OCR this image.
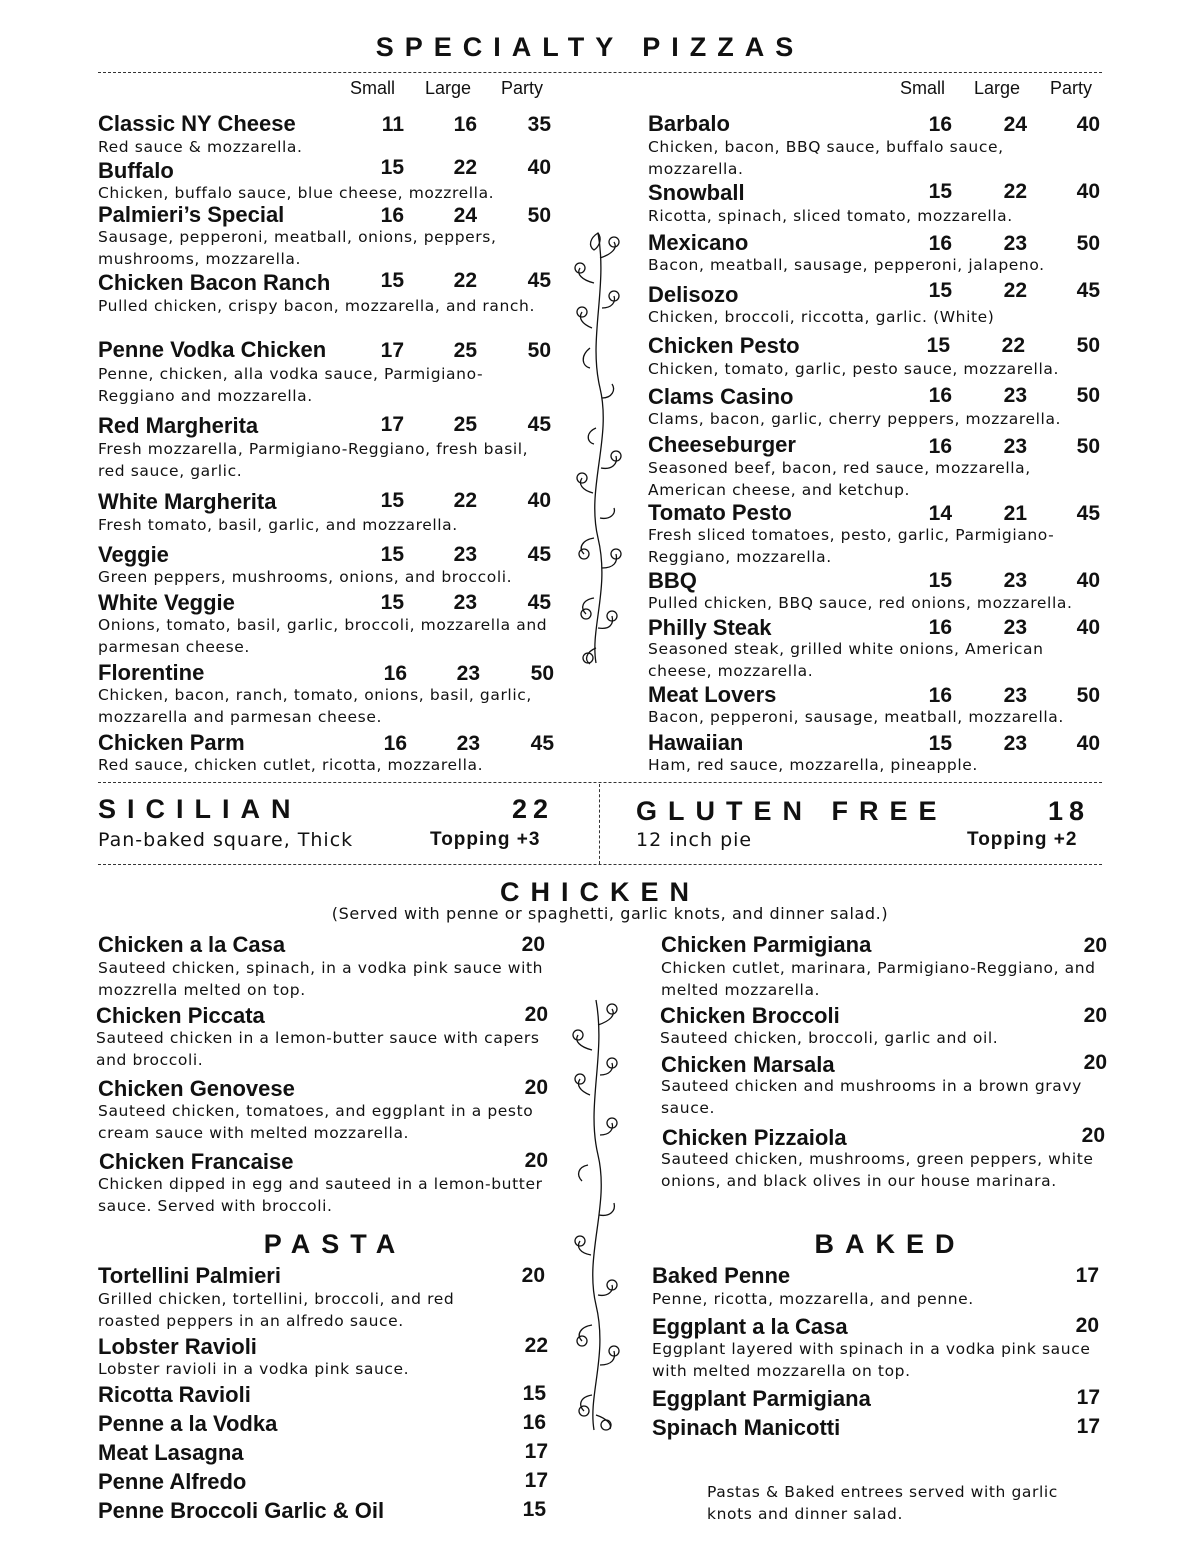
SPECIALTY PIZZAS
Small Large Party	Small Large Party
Classic NY Cheese	11	16	35
Red sauce & mozzarella.
Buffalo	15	22	40
Chicken, buffalo sauce, blue cheese, mozzrella.
Palmieri’s Special	16	24	50
Sausage, pepperoni, meatball, onions, peppers, mushrooms, mozzarella.
Chicken Bacon Ranch	15	22	45
Pulled chicken, crispy bacon, mozzarella, and ranch.
Penne Vodka Chicken	17	25	50
Penne, chicken, alla vodka sauce, Parmigiano-Reggiano and mozzarella.
Red Margherita	17	25	45
Fresh mozzarella, Parmigiano-Reggiano, fresh basil, red sauce, garlic.
White Margherita	15	22	40
Fresh tomato, basil, garlic, and mozzarella.
Veggie	15	23	45
Green peppers, mushrooms, onions, and broccoli.
White Veggie	15	23	45
Onions, tomato, basil, garlic, broccoli, mozzarella and parmesan cheese.
Florentine	16	23	50
Chicken, bacon, ranch, tomato, onions, basil, garlic, mozzarella and parmesan cheese.
Chicken Parm	16	23	45
Red sauce, chicken cutlet, ricotta, mozzarella.
Barbalo	16	24	40
Chicken, bacon, BBQ sauce, buffalo sauce, mozzarella.
Snowball	15	22	40
Ricotta, spinach, sliced tomato, mozzarella.
Mexicano	16	23	50
Bacon, meatball, sausage, pepperoni, jalapeno.
Delisozo	15	22	45
Chicken, broccoli, riccotta, garlic. (White)
Chicken Pesto	15	22	50
Chicken, tomato, garlic, pesto sauce, mozzarella.
Clams Casino	16	23	50
Clams, bacon, garlic, cherry peppers, mozzarella.
Cheeseburger	16	23	50
Seasoned beef, bacon, red sauce, mozzarella, American cheese, and ketchup.
Tomato Pesto	14	21	45
Fresh sliced tomatoes, pesto, garlic, Parmigiano-Reggiano, mozzarella.
BBQ	15	23	40
Pulled chicken, BBQ sauce, red onions, mozzarella.
Philly Steak	16	23	40
Seasoned steak, grilled white onions, American cheese, mozzarella.
Meat Lovers	16	23	50
Bacon, pepperoni, sausage, meatball, mozzarella.
Hawaiian	15	23	40
Ham, red sauce, mozzarella, pineapple.
SICILIAN	22
Pan-baked square, Thick	Topping +3
GLUTEN FREE	18
12 inch pie	Topping +2
CHICKEN
(Served with penne or spaghetti, garlic knots, and dinner salad.)
Chicken a la Casa	20
Sauteed chicken, spinach, in a vodka pink sauce with mozzrella melted on top.
Chicken Piccata	20
Sauteed chicken in a lemon-butter sauce with capers and broccoli.
Chicken Genovese	20
Sauteed chicken, tomatoes, and eggplant in a pesto cream sauce with melted mozzarella.
Chicken Francaise	20
Chicken dipped in egg and sauteed in a lemon-butter sauce. Served with broccoli.
Chicken Parmigiana	20
Chicken cutlet, marinara, Parmigiano-Reggiano, and melted mozzarella.
Chicken Broccoli	20
Sauteed chicken, broccoli, garlic and oil.
Chicken Marsala	20
Sauteed chicken and mushrooms in a brown gravy sauce.
Chicken Pizzaiola	20
Sauteed chicken, mushrooms, green peppers, white onions, and black olives in our house marinara.
PASTA
Tortellini Palmieri	20
Grilled chicken, tortellini, broccoli, and red roasted peppers in an alfredo sauce.
Lobster Ravioli	22
Lobster ravioli in a vodka pink sauce.
Ricotta Ravioli	15
Penne a la Vodka	16
Meat Lasagna	17
Penne Alfredo	17
Penne Broccoli Garlic & Oil	15
BAKED
Baked Penne	17
Penne, ricotta, mozzarella, and penne.
Eggplant a la Casa	20
Eggplant layered with spinach in a vodka pink sauce with melted mozzarella on top.
Eggplant Parmigiana	17
Spinach Manicotti	17
Pastas & Baked entrees served with garlic knots and dinner salad.
